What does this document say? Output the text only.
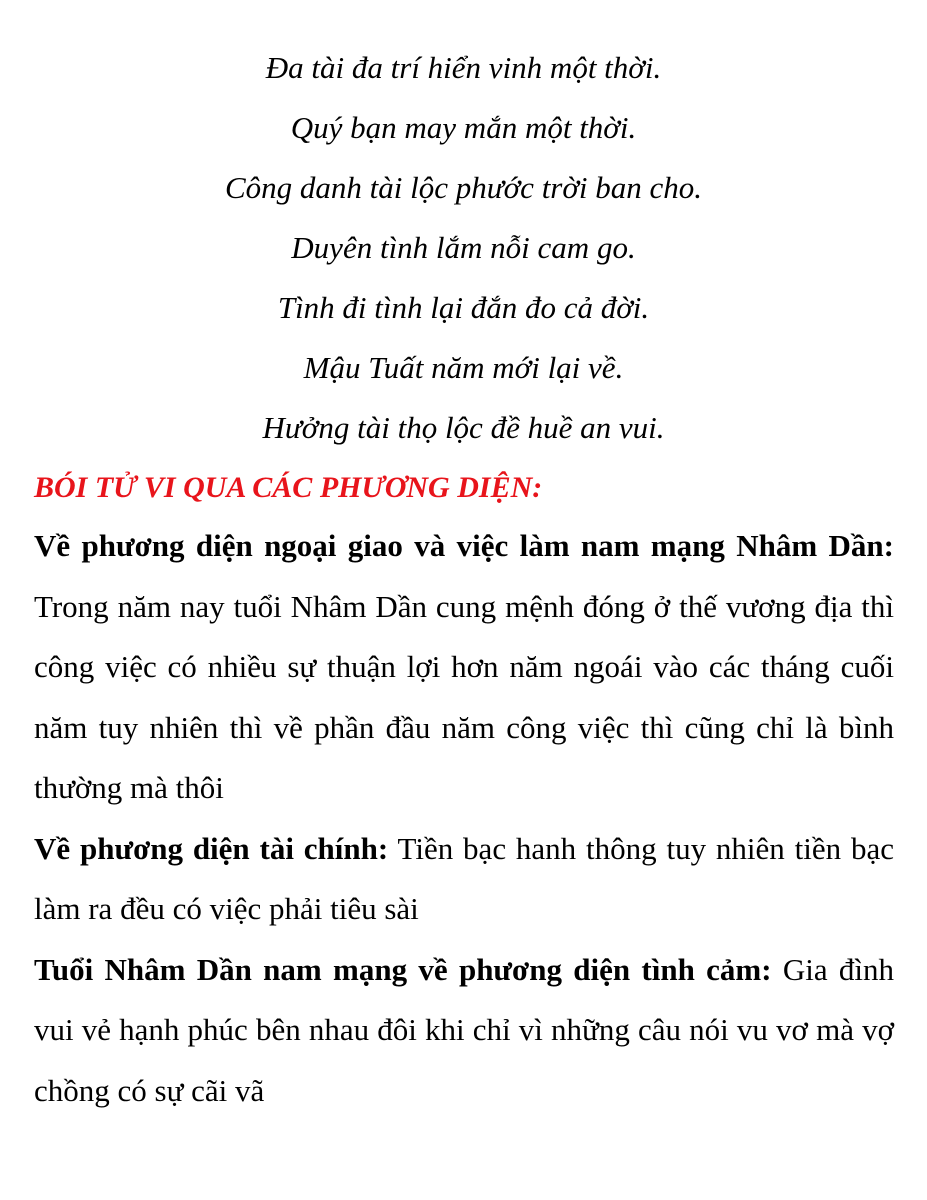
Đa tài đa trí hiển vinh một thời.
Quý bạn may mắn một thời.
Công danh tài lộc phước trời ban cho.
Duyên tình lắm nỗi cam go.
Tình đi tình lại đắn đo cả đời.
Mậu Tuất năm mới lại về.
Hưởng tài thọ lộc đề huề an vui.
BÓI TỬ VI QUA CÁC PHƯƠNG DIỆN:

Về phương diện ngoại giao và việc làm nam mạng Nhâm Dần: Trong năm nay tuổi Nhâm Dần cung mệnh đóng ở thế vương địa thì công việc có nhiều sự thuận lợi hơn năm ngoái vào các tháng cuối năm tuy nhiên thì về phần đầu năm công việc thì cũng chỉ là bình thường mà thôi

Về phương diện tài chính: Tiền bạc hanh thông tuy nhiên tiền bạc làm ra đều có việc phải tiêu sài

Tuổi Nhâm Dần nam mạng về phương diện tình cảm: Gia đình vui vẻ hạnh phúc bên nhau đôi khi chỉ vì những câu nói vu vơ mà vợ chồng có sự cãi vã
